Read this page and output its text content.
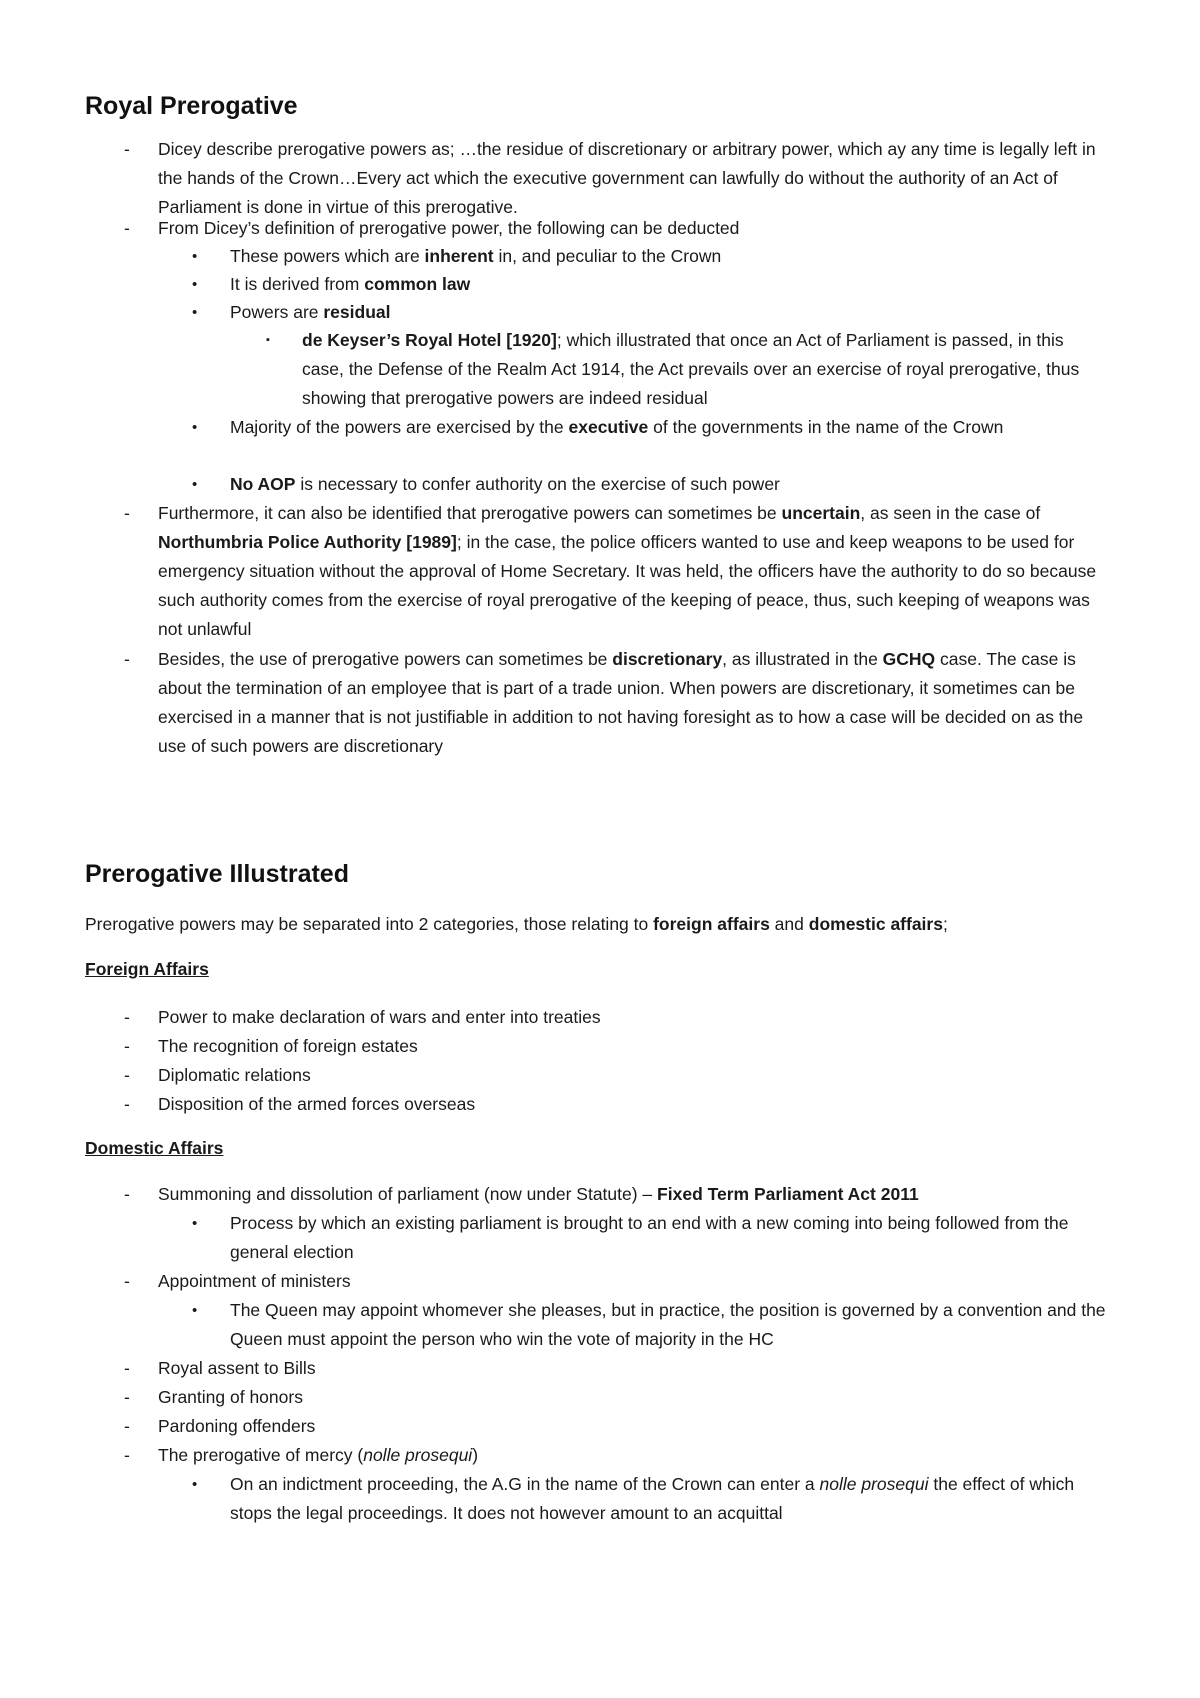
Royal Prerogative
- Dicey describe prerogative powers as; …the residue of discretionary or arbitrary power, which ay any time is legally left in the hands of the Crown…Every act which the executive government can lawfully do without the authority of an Act of Parliament is done in virtue of this prerogative.
- From Dicey’s definition of prerogative power, the following can be deducted
• These powers which are inherent in, and peculiar to the Crown
• It is derived from common law
• Powers are residual
▪ de Keyser’s Royal Hotel [1920]; which illustrated that once an Act of Parliament is passed, in this case, the Defense of the Realm Act 1914, the Act prevails over an exercise of royal prerogative, thus showing that prerogative powers are indeed residual
• Majority of the powers are exercised by the executive of the governments in the name of the Crown
• No AOP is necessary to confer authority on the exercise of such power
- Furthermore, it can also be identified that prerogative powers can sometimes be uncertain, as seen in the case of Northumbria Police Authority [1989]; in the case, the police officers wanted to use and keep weapons to be used for emergency situation without the approval of Home Secretary. It was held, the officers have the authority to do so because such authority comes from the exercise of royal prerogative of the keeping of peace, thus, such keeping of weapons was not unlawful
- Besides, the use of prerogative powers can sometimes be discretionary, as illustrated in the GCHQ case. The case is about the termination of an employee that is part of a trade union. When powers are discretionary, it sometimes can be exercised in a manner that is not justifiable in addition to not having foresight as to how a case will be decided on as the use of such powers are discretionary
Prerogative Illustrated
Prerogative powers may be separated into 2 categories, those relating to foreign affairs and domestic affairs;
Foreign Affairs
- Power to make declaration of wars and enter into treaties
- The recognition of foreign estates
- Diplomatic relations
- Disposition of the armed forces overseas
Domestic Affairs
- Summoning and dissolution of parliament (now under Statute) – Fixed Term Parliament Act 2011
• Process by which an existing parliament is brought to an end with a new coming into being followed from the general election
- Appointment of ministers
• The Queen may appoint whomever she pleases, but in practice, the position is governed by a convention and the Queen must appoint the person who win the vote of majority in the HC
- Royal assent to Bills
- Granting of honors
- Pardoning offenders
- The prerogative of mercy (nolle prosequi)
• On an indictment proceeding, the A.G in the name of the Crown can enter a nolle prosequi the effect of which stops the legal proceedings. It does not however amount to an acquittal
